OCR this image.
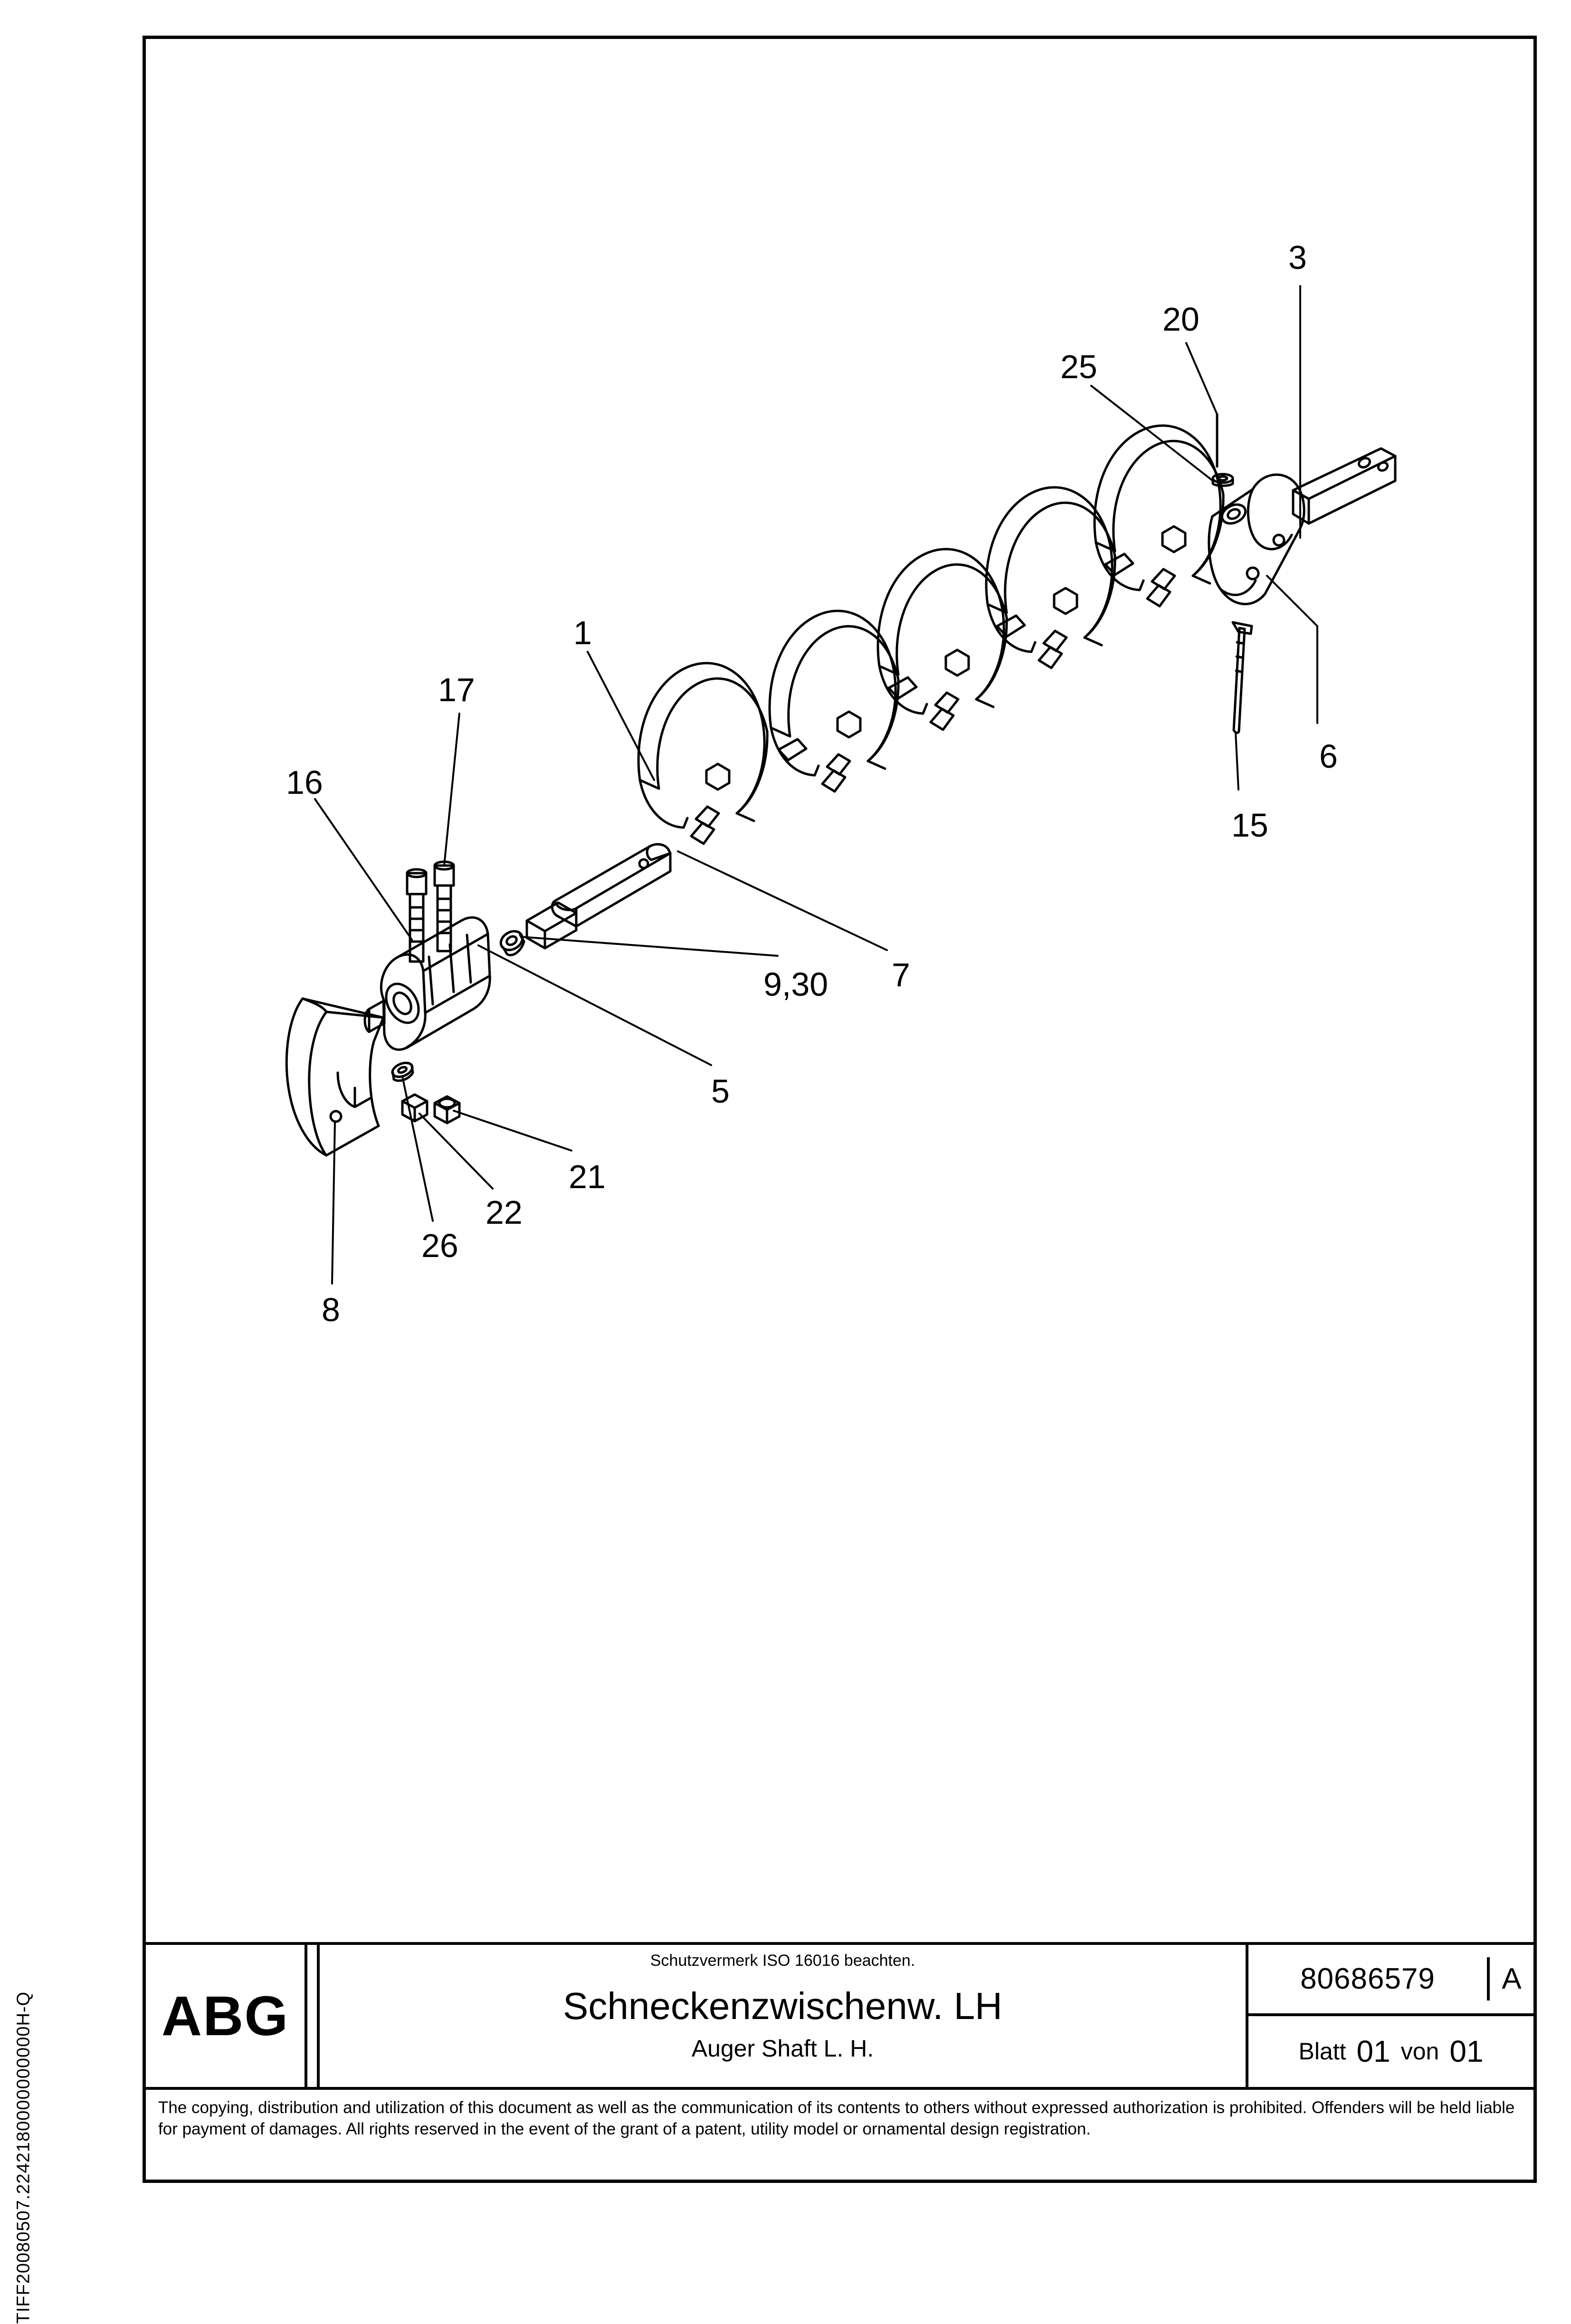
TIFF20080507.2242180000000000H-Q
3
20
25
1
17
16
6
15
9,30 7
5
21
22
26
8
ABG
Schutzvermerk ISO 16016 beachten.
Schneckenzwischenw. LH
Auger Shaft L. H.
80686579	A
Blatt 01 von 01
The copying, distribution and utilization of this document as well as the communication of its contents to others without expressed authorization is prohibited. Offenders will be held liable for payment of damages. All rights reserved in the event of the grant of a patent, utility model or ornamental design registration.
